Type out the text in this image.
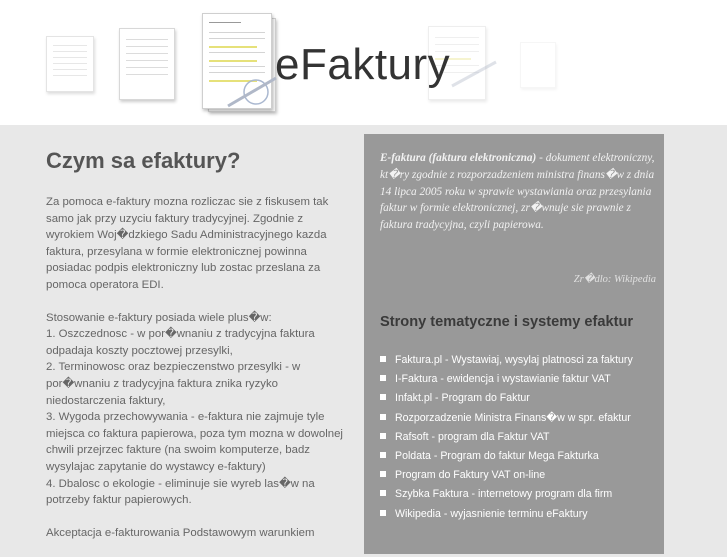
eFaktury
Czym sa efaktury?

Za pomoca e-faktury mozna rozliczac sie z fiskusem tak samo jak przy uzyciu faktury tradycyjnej. Zgodnie z wyrokiem Woj�dzkiego Sadu Administracyjnego kazda faktura, przesylana w formie elektronicznej powinna posiadac podpis elektroniczny lub zostac przeslana za pomoca operatora EDI.

Stosowanie e-faktury posiada wiele plus�w:
1. Oszczednosc - w por�wnaniu z tradycyjna faktura odpadaja koszty pocztowej przesylki,
2. Terminowosc oraz bezpieczenstwo przesylki - w por�wnaniu z tradycyjna faktura znika ryzyko niedostarczenia faktury,
3. Wygoda przechowywania - e-faktura nie zajmuje tyle miejsca co faktura papierowa, poza tym mozna w dowolnej chwili przejrzec fakture (na swoim komputerze, badz wysylajac zapytanie do wystawcy e-faktury)
4. Dbalosc o ekologie - eliminuje sie wyreb las�w na potrzeby faktur papierowych.

Akceptacja e-fakturowania Podstawowym warunkiem

E-faktura (faktura elektroniczna) - dokument elektroniczny, kt�ry zgodnie z rozporzadzeniem ministra finans�w z dnia 14 lipca 2005 roku w sprawie wystawiania oraz przesylania faktur w formie elektronicznej, zr�wnuje sie prawnie z faktura tradycyjna, czyli papierowa.
Zr�dlo: Wikipedia
Strony tematyczne i systemy efaktur
Faktura.pl - Wystawiaj, wysylaj platnosci za faktury
I-Faktura - ewidencja i wystawianie faktur VAT
Infakt.pl - Program do Faktur
Rozporzadzenie Ministra Finans�w w spr. efaktur
Rafsoft - program dla Faktur VAT
Poldata - Program do faktur Mega Fakturka
Program do Faktury VAT on-line
Szybka Faktura - internetowy program dla firm
Wikipedia - wyjasnienie terminu eFaktury
